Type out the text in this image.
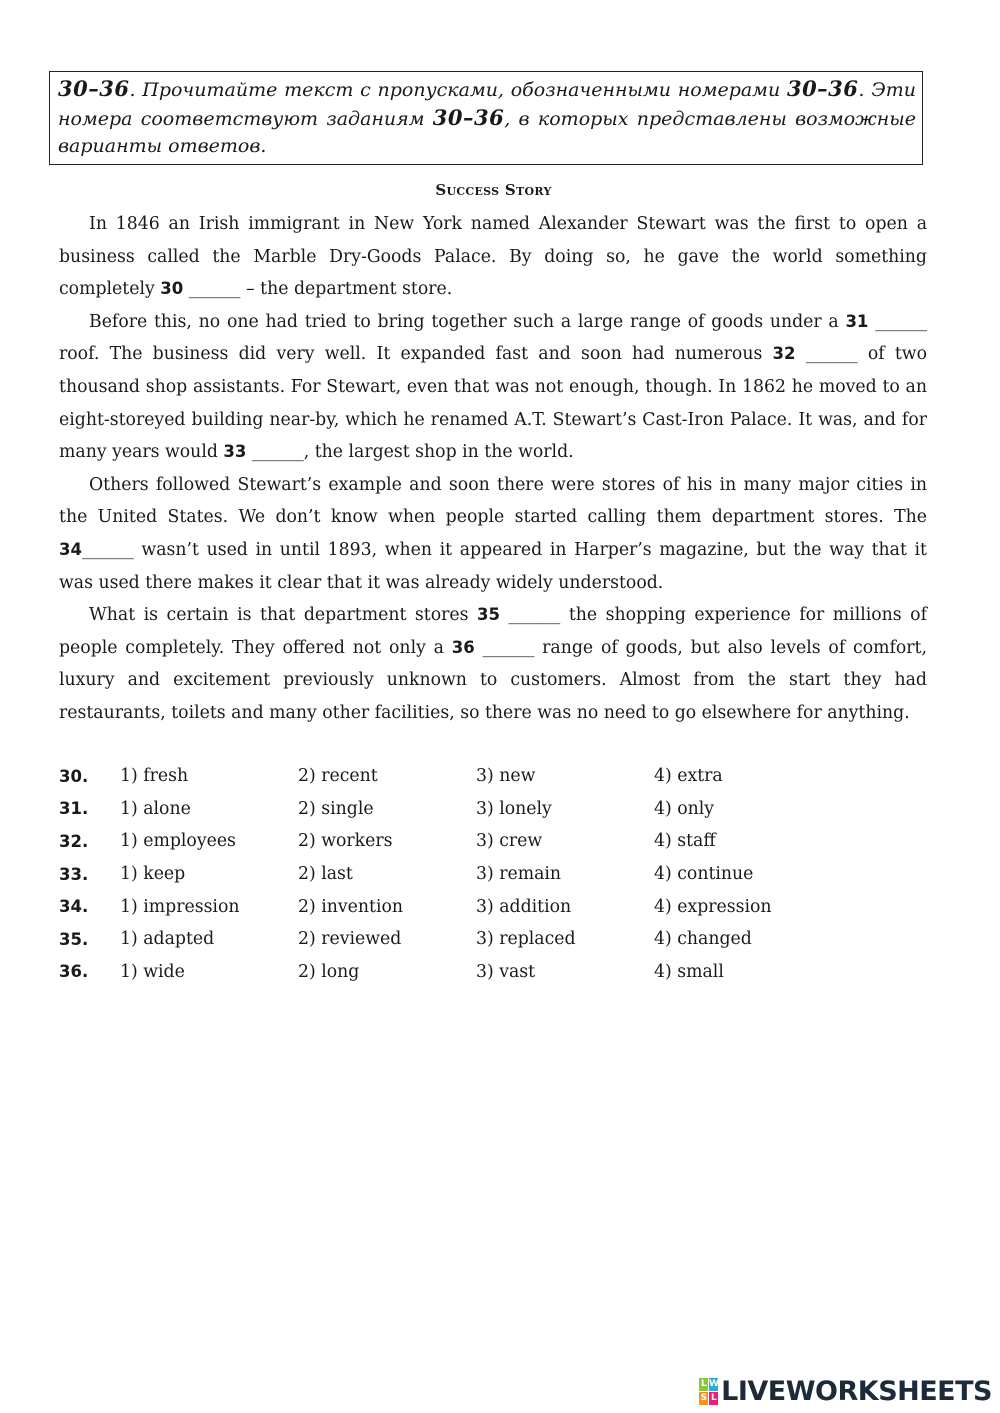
30–36. Прочитайте текст с пропусками, обозначенными номерами 30–36. Эти номера соответствуют заданиям 30–36, в которых представлены возможные варианты ответов.
Success Story

In 1846 an Irish immigrant in New York named Alexander Stewart was the first to open a business called the Marble Dry-Goods Palace. By doing so, he gave the world something completely 30 ______ – the department store.

Before this, no one had tried to bring together such a large range of goods under a 31 ______ roof. The business did very well. It expanded fast and soon had numerous 32 ______ of two thousand shop assistants. For Stewart, even that was not enough, though. In 1862 he moved to an eight-storeyed building near-by, which he renamed A.T. Stewart’s Cast-Iron Palace. It was, and for many years would 33 ______, the largest shop in the world.

Others followed Stewart’s example and soon there were stores of his in many major cities in the United States. We don’t know when people started calling them department stores. The 34______ wasn’t used in until 1893, when it appeared in Harper’s magazine, but the way that it was used there makes it clear that it was already widely understood.

What is certain is that department stores 35 ______ the shopping experience for millions of people completely. They offered not only a 36 ______ range of goods, but also levels of comfort, luxury and excitement previously unknown to customers. Almost from the start they had restaurants, toilets and many other facilities, so there was no need to go elsewhere for anything.

30.	1) fresh	2) recent	3) new	4) extra
31.	1) alone	2) single	3) lonely	4) only
32.	1) employees	2) workers	3) crew	4) staff
33.	1) keep	2) last	3) remain	4) continue
34.	1) impression	2) invention	3) addition	4) expression
35.	1) adapted	2) reviewed	3) replaced	4) changed
36.	1) wide	2) long	3) vast	4) small
L W
S L LIVEWORKSHEETS
